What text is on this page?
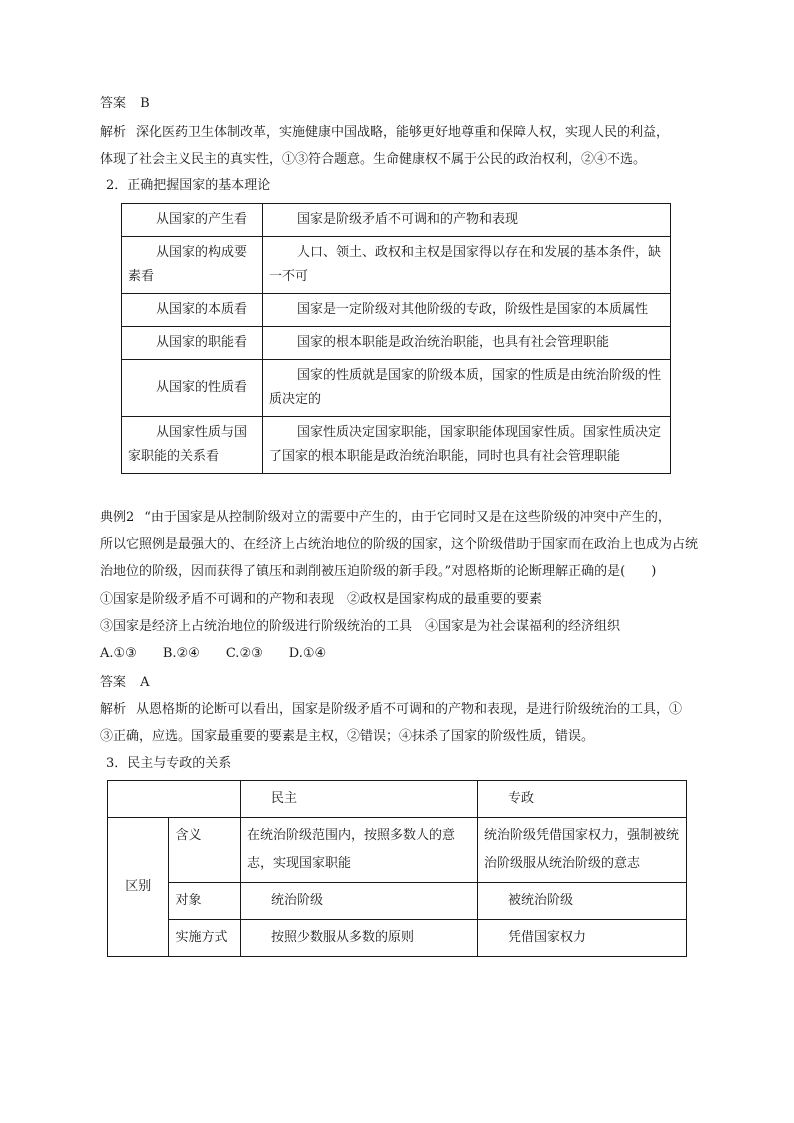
答案 B
解析 深化医药卫生体制改革，实施健康中国战略，能够更好地尊重和保障人权，实现人民的利益，
体现了社会主义民主的真实性，①③符合题意。生命健康权不属于公民的政治权利，②④不选。
2．正确把握国家的基本理论
从国家的产生看	国家是阶级矛盾不可调和的产物和表现
从国家的构成要素看	人口、领土、政权和主权是国家得以存在和发展的基本条件，缺一不可
从国家的本质看	国家是一定阶级对其他阶级的专政，阶级性是国家的本质属性
从国家的职能看	国家的根本职能是政治统治职能，也具有社会管理职能
从国家的性质看	国家的性质就是国家的阶级本质，国家的性质是由统治阶级的性质决定的
从国家性质与国家职能的关系看	国家性质决定国家职能，国家职能体现国家性质。国家性质决定了国家的根本职能是政治统治职能，同时也具有社会管理职能
典例2 “由于国家是从控制阶级对立的需要中产生的，由于它同时又是在这些阶级的冲突中产生的，
所以它照例是最强大的、在经济上占统治地位的阶级的国家，这个阶级借助于国家而在政治上也成为占统
治地位的阶级，因而获得了镇压和剥削被压迫阶级的新手段。”对恩格斯的论断理解正确的是(　　)
①国家是阶级矛盾不可调和的产物和表现　②政权是国家构成的最重要的要素
③国家是经济上占统治地位的阶级进行阶级统治的工具　④国家是为社会谋福利的经济组织
A.①③　　B.②④　　C.②③　　D.①④
答案 A
解析 从恩格斯的论断可以看出，国家是阶级矛盾不可调和的产物和表现，是进行阶级统治的工具，①
③正确，应选。国家最重要的要素是主权，②错误；④抹杀了国家的阶级性质，错误。
3．民主与专政的关系
		民主	专政
区别	含义	在统治阶级范围内，按照多数人的意志，实现国家职能	统治阶级凭借国家权力，强制被统治阶级服从统治阶级的意志
	对象	统治阶级	被统治阶级
	实施方式	按照少数服从多数的原则	凭借国家权力
